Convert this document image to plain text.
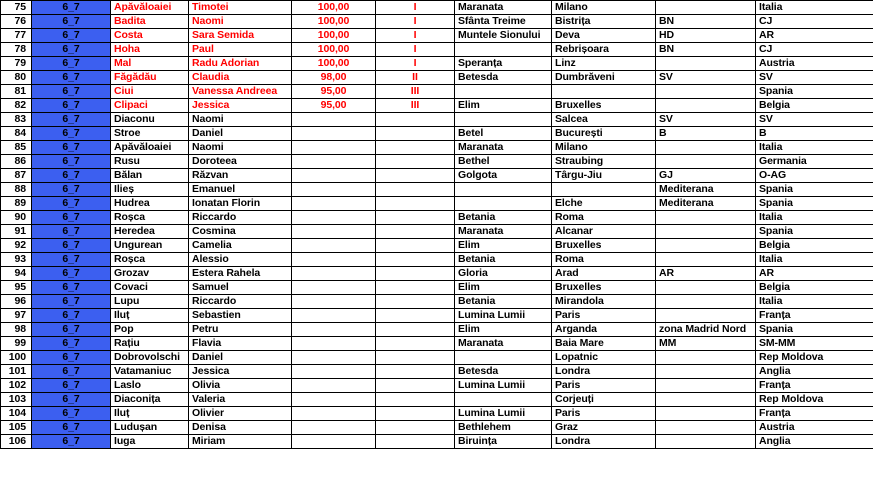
75	6_7	Apăvăloaiei	Timotei	100,00	I	Maranata	Milano		Italia
76	6_7	Badita	Naomi	100,00	I	Sfânta Treime	Bistrița	BN	CJ
77	6_7	Costa	Sara Semida	100,00	I	Muntele Sionului	Deva	HD	AR
78	6_7	Hoha	Paul	100,00	I		Rebrișoara	BN	CJ
79	6_7	Mal	Radu Adorian	100,00	I	Speranța	Linz		Austria
80	6_7	Făgădău	Claudia	98,00	II	Betesda	Dumbrăveni	SV	SV
81	6_7	Ciui	Vanessa Andreea	95,00	III				Spania
82	6_7	Clipaci	Jessica	95,00	III	Elim	Bruxelles		Belgia
83	6_7	Diaconu	Naomi				Salcea	SV	SV
84	6_7	Stroe	Daniel			Betel	București	B	B
85	6_7	Apăvăloaiei	Naomi			Maranata	Milano		Italia
86	6_7	Rusu	Doroteea			Bethel	Straubing		Germania
87	6_7	Bălan	Răzvan			Golgota	Târgu-Jiu	GJ	O-AG
88	6_7	Ilieș	Emanuel					Mediterana	Spania
89	6_7	Hudrea	Ionatan Florin				Elche	Mediterana	Spania
90	6_7	Roșca	Riccardo			Betania	Roma		Italia
91	6_7	Heredea	Cosmina			Maranata	Alcanar		Spania
92	6_7	Ungurean	Camelia			Elim	Bruxelles		Belgia
93	6_7	Roșca	Alessio			Betania	Roma		Italia
94	6_7	Grozav	Estera Rahela			Gloria	Arad	AR	AR
95	6_7	Covaci	Samuel			Elim	Bruxelles		Belgia
96	6_7	Lupu	Riccardo			Betania	Mirandola		Italia
97	6_7	Iluț	Sebastien			Lumina Lumii	Paris		Franța
98	6_7	Pop	Petru			Elim	Arganda	zona Madrid Nord	Spania
99	6_7	Rațiu	Flavia			Maranata	Baia Mare	MM	SM-MM
100	6_7	Dobrovolschi	Daniel				Lopatnic		Rep Moldova
101	6_7	Vatamaniuc	Jessica			Betesda	Londra		Anglia
102	6_7	Laslo	Olivia			Lumina Lumii	Paris		Franța
103	6_7	Diaconița	Valeria				Corjeuți		Rep Moldova
104	6_7	Iluț	Olivier			Lumina Lumii	Paris		Franța
105	6_7	Ludușan	Denisa			Bethlehem	Graz		Austria
106	6_7	Iuga	Miriam			Biruința	Londra		Anglia
